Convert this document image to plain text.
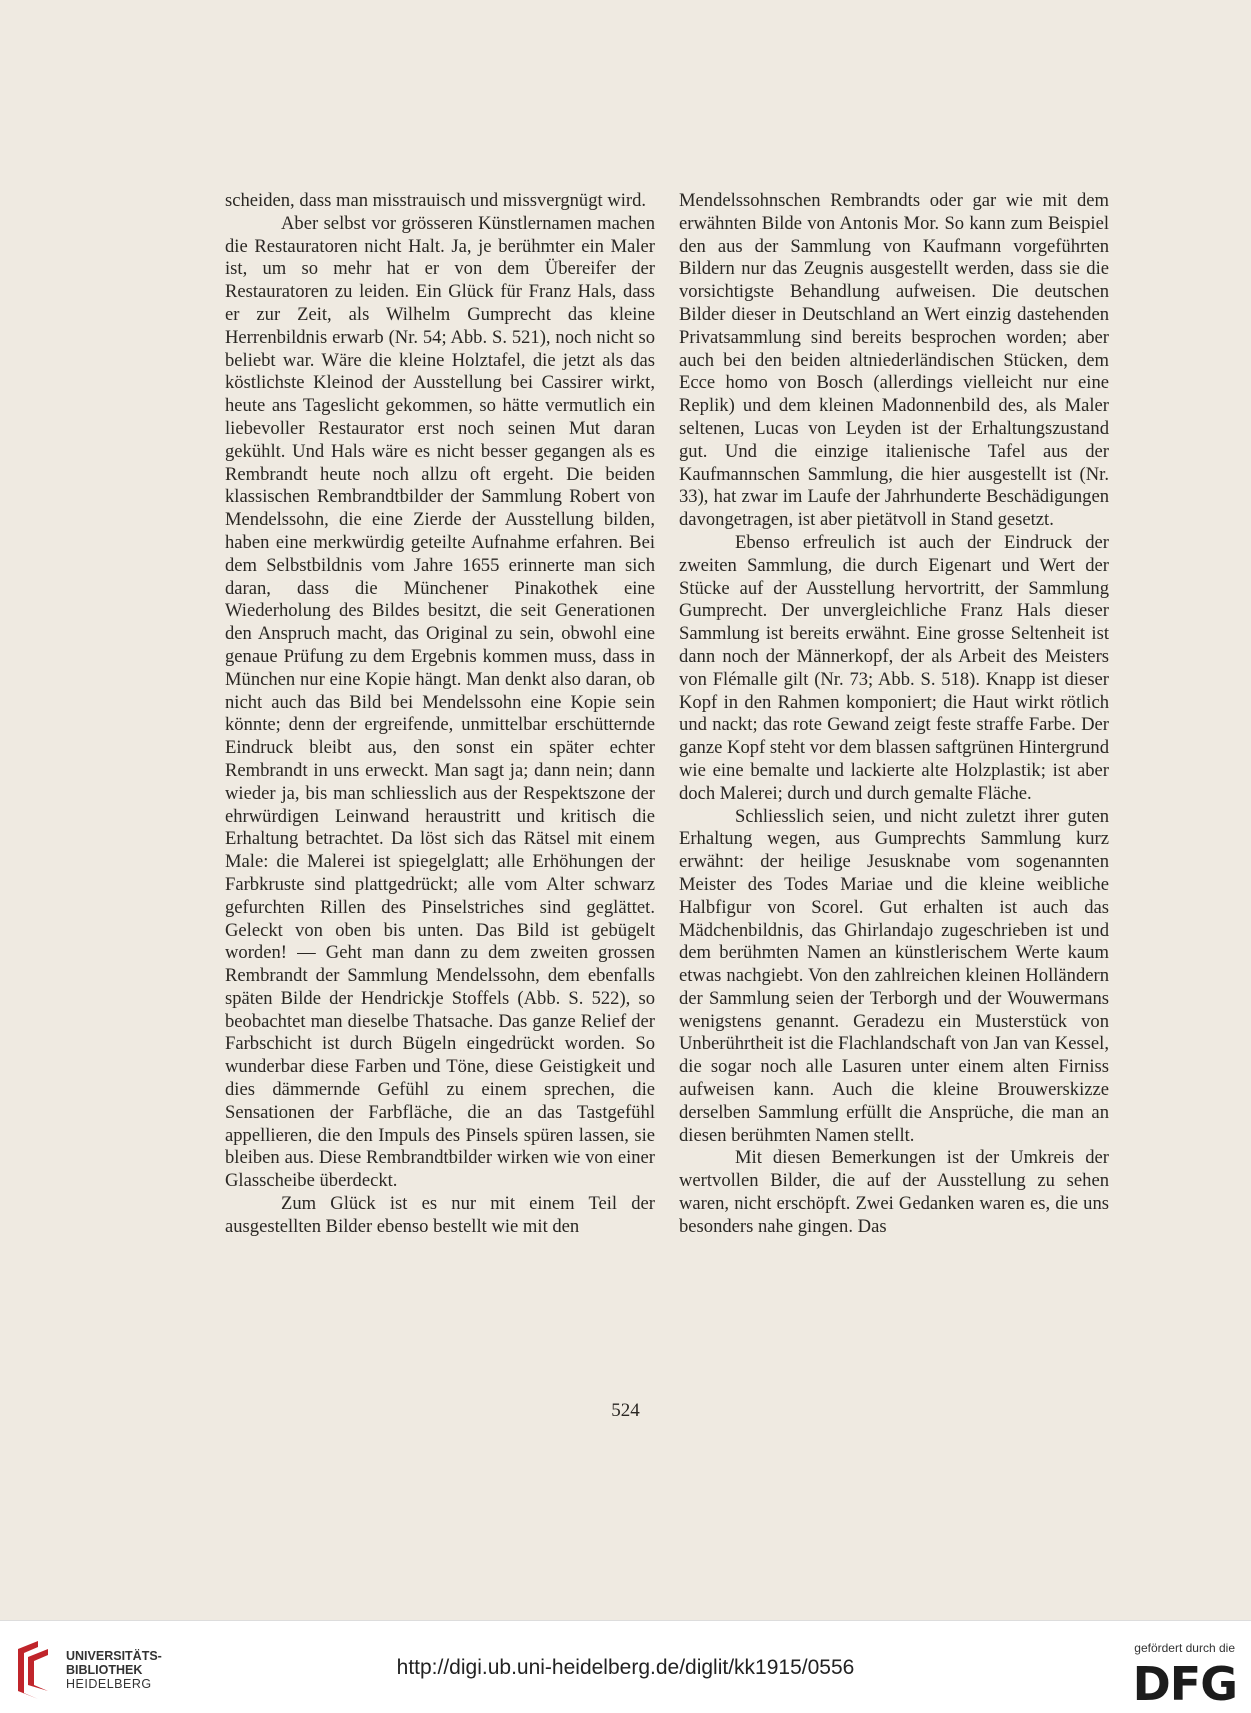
scheiden, dass man misstrauisch und missvergnügt wird.

Aber selbst vor grösseren Künstlernamen machen die Restauratoren nicht Halt. Ja, je berühmter ein Maler ist, um so mehr hat er von dem Übereifer der Restauratoren zu leiden. Ein Glück für Franz Hals, dass er zur Zeit, als Wilhelm Gumprecht das kleine Herrenbildnis erwarb (Nr. 54; Abb. S. 521), noch nicht so beliebt war. Wäre die kleine Holztafel, die jetzt als das köstlichste Kleinod der Ausstellung bei Cassirer wirkt, heute ans Tageslicht gekommen, so hätte vermutlich ein liebevoller Restaurator erst noch seinen Mut daran gekühlt. Und Hals wäre es nicht besser gegangen als es Rembrandt heute noch allzu oft ergeht. Die beiden klassischen Rembrandtbilder der Sammlung Robert von Mendelssohn, die eine Zierde der Ausstellung bilden, haben eine merkwürdig geteilte Aufnahme erfahren. Bei dem Selbstbildnis vom Jahre 1655 erinnerte man sich daran, dass die Münchener Pinakothek eine Wiederholung des Bildes besitzt, die seit Generationen den Anspruch macht, das Original zu sein, obwohl eine genaue Prüfung zu dem Ergebnis kommen muss, dass in München nur eine Kopie hängt. Man denkt also daran, ob nicht auch das Bild bei Mendelssohn eine Kopie sein könnte; denn der ergreifende, unmittelbar erschütternde Eindruck bleibt aus, den sonst ein später echter Rembrandt in uns erweckt. Man sagt ja; dann nein; dann wieder ja, bis man schliesslich aus der Respektszone der ehrwürdigen Leinwand heraustritt und kritisch die Erhaltung betrachtet. Da löst sich das Rätsel mit einem Male: die Malerei ist spiegelglatt; alle Erhöhungen der Farbkruste sind plattgedrückt; alle vom Alter schwarz gefurchten Rillen des Pinselstriches sind geglättet. Geleckt von oben bis unten. Das Bild ist gebügelt worden! — Geht man dann zu dem zweiten grossen Rembrandt der Sammlung Mendelssohn, dem ebenfalls späten Bilde der Hendrickje Stoffels (Abb. S. 522), so beobachtet man dieselbe Thatsache. Das ganze Relief der Farbschicht ist durch Bügeln eingedrückt worden. So wunderbar diese Farben und Töne, diese Geistigkeit und dies dämmernde Gefühl zu einem sprechen, die Sensationen der Farbfläche, die an das Tastgefühl appellieren, die den Impuls des Pinsels spüren lassen, sie bleiben aus. Diese Rembrandtbilder wirken wie von einer Glasscheibe überdeckt.

Zum Glück ist es nur mit einem Teil der ausgestellten Bilder ebenso bestellt wie mit den

Mendelssohnschen Rembrandts oder gar wie mit dem erwähnten Bilde von Antonis Mor. So kann zum Beispiel den aus der Sammlung von Kaufmann vorgeführten Bildern nur das Zeugnis ausgestellt werden, dass sie die vorsichtigste Behandlung aufweisen. Die deutschen Bilder dieser in Deutschland an Wert einzig dastehenden Privatsammlung sind bereits besprochen worden; aber auch bei den beiden altniederländischen Stücken, dem Ecce homo von Bosch (allerdings vielleicht nur eine Replik) und dem kleinen Madonnenbild des, als Maler seltenen, Lucas von Leyden ist der Erhaltungszustand gut. Und die einzige italienische Tafel aus der Kaufmannschen Sammlung, die hier ausgestellt ist (Nr. 33), hat zwar im Laufe der Jahrhunderte Beschädigungen davongetragen, ist aber pietätvoll in Stand gesetzt.

Ebenso erfreulich ist auch der Eindruck der zweiten Sammlung, die durch Eigenart und Wert der Stücke auf der Ausstellung hervortritt, der Sammlung Gumprecht. Der unvergleichliche Franz Hals dieser Sammlung ist bereits erwähnt. Eine grosse Seltenheit ist dann noch der Männerkopf, der als Arbeit des Meisters von Flémalle gilt (Nr. 73; Abb. S. 518). Knapp ist dieser Kopf in den Rahmen komponiert; die Haut wirkt rötlich und nackt; das rote Gewand zeigt feste straffe Farbe. Der ganze Kopf steht vor dem blassen saftgrünen Hintergrund wie eine bemalte und lackierte alte Holzplastik; ist aber doch Malerei; durch und durch gemalte Fläche.

Schliesslich seien, und nicht zuletzt ihrer guten Erhaltung wegen, aus Gumprechts Sammlung kurz erwähnt: der heilige Jesusknabe vom sogenannten Meister des Todes Mariae und die kleine weibliche Halbfigur von Scorel. Gut erhalten ist auch das Mädchenbildnis, das Ghirlandajo zugeschrieben ist und dem berühmten Namen an künstlerischem Werte kaum etwas nachgiebt. Von den zahlreichen kleinen Holländern der Sammlung seien der Terborgh und der Wouwermans wenigstens genannt. Geradezu ein Musterstück von Unberührtheit ist die Flachlandschaft von Jan van Kessel, die sogar noch alle Lasuren unter einem alten Firniss aufweisen kann. Auch die kleine Brouwerskizze derselben Sammlung erfüllt die Ansprüche, die man an diesen berühmten Namen stellt.

Mit diesen Bemerkungen ist der Umkreis der wertvollen Bilder, die auf der Ausstellung zu sehen waren, nicht erschöpft. Zwei Gedanken waren es, die uns besonders nahe gingen. Das

524
UNIVERSITÄTS-
BIBLIOTHEK
HEIDELBERG
http://digi.ub.uni-heidelberg.de/diglit/kk1915/0556
gefördert durch die
DFG
